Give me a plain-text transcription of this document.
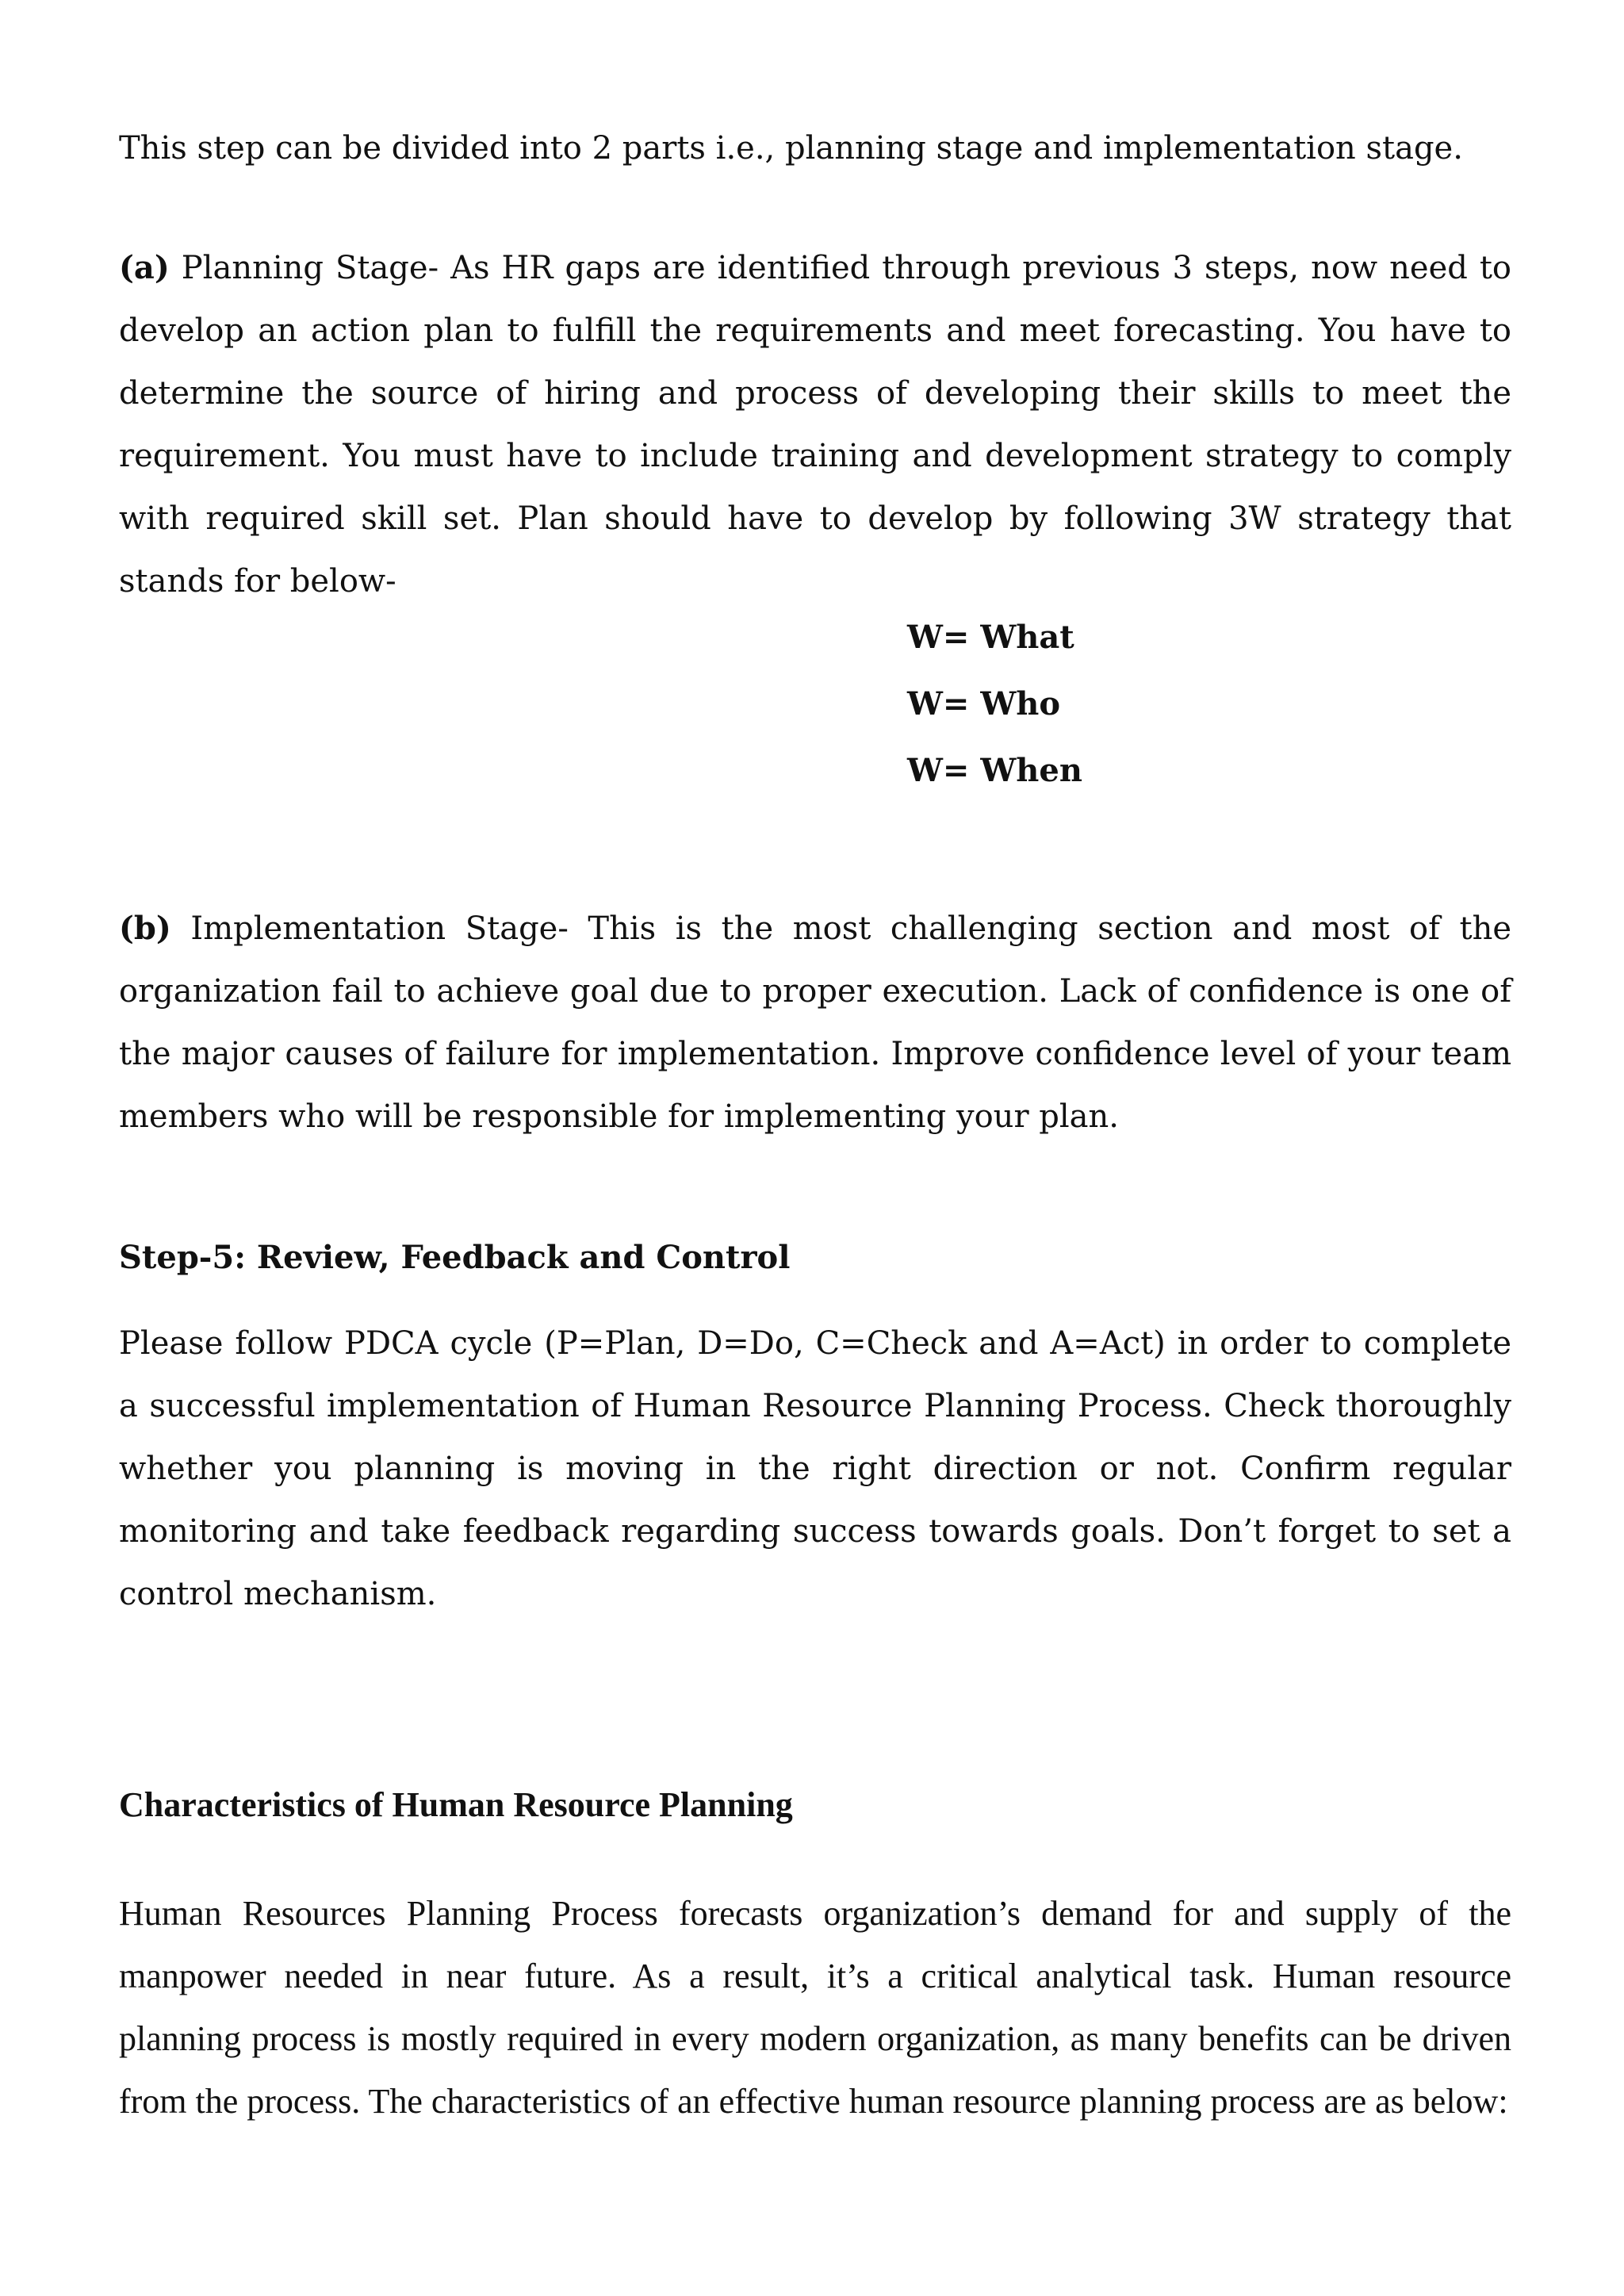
This step can be divided into 2 parts i.e., planning stage and implementation stage.

(a) Planning Stage- As HR gaps are identified through previous 3 steps, now need to develop an action plan to fulfill the requirements and meet forecasting. You have to determine the source of hiring and process of developing their skills to meet the requirement. You must have to include training and development strategy to comply with required skill set. Plan should have to develop by following 3W strategy that stands for below-

W= What

W= Who

W= When

(b) Implementation Stage- This is the most challenging section and most of the organization fail to achieve goal due to proper execution. Lack of confidence is one of the major causes of failure for implementation. Improve confidence level of your team members who will be responsible for implementing your plan.

Step-5: Review, Feedback and Control

Please follow PDCA cycle (P=Plan, D=Do, C=Check and A=Act) in order to complete a successful implementation of Human Resource Planning Process. Check thoroughly whether you planning is moving in the right direction or not. Confirm regular monitoring and take feedback regarding success towards goals. Don’t forget to set a control mechanism.

Characteristics of Human Resource Planning

Human Resources Planning Process forecasts organization’s demand for and supply of the manpower needed in near future. As a result, it’s a critical analytical task. Human resource planning process is mostly required in every modern organization, as many benefits can be driven from the process. The characteristics of an effective human resource planning process are as below:
